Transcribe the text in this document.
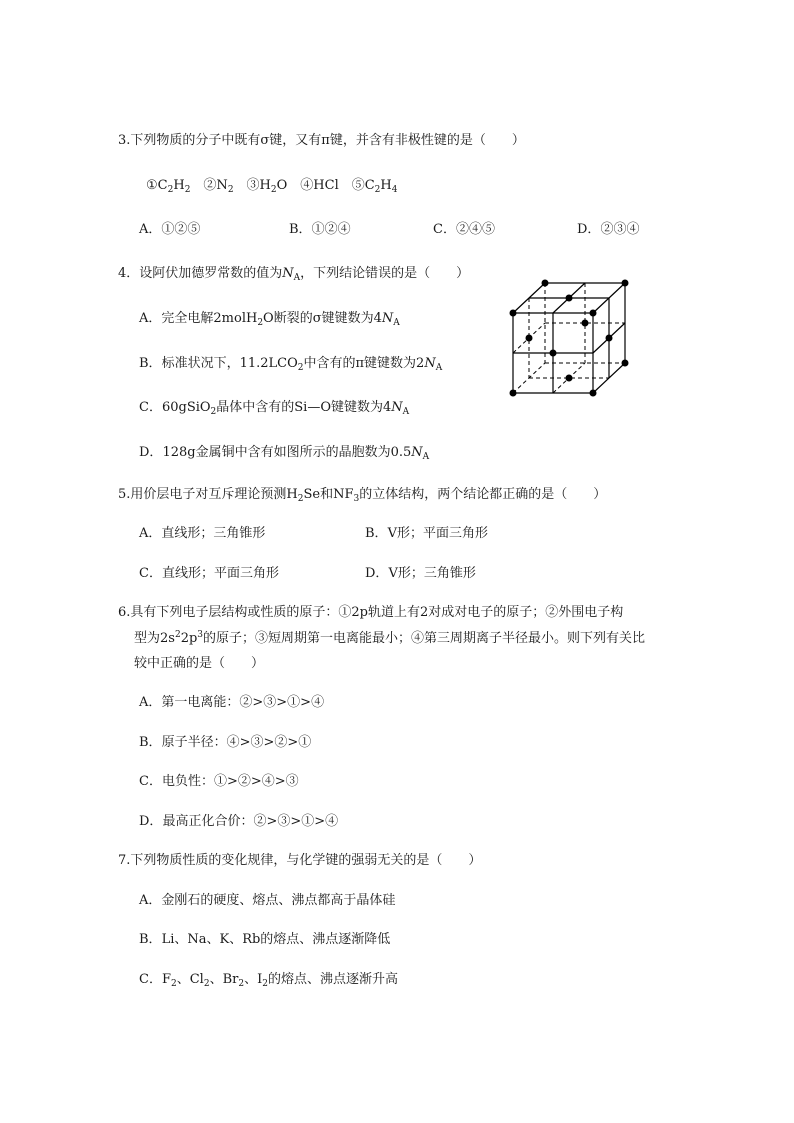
3.下列物质的分子中既有σ键，又有π键，并含有非极性键的是（　　）
$①C_2H_2$　$②N_2$　$③H_2O$　④HCl　$⑤C_2H_4$
A．①②⑤	B．①②④	C．②④⑤	D．②③④
4．设阿伏加德罗常数的值为$N_A$，下列结论错误的是（　　）
A．完全电解2molH$_2$O断裂的σ键键数为$4N_A$
B．标准状况下，$11.2LCO_2$中含有的π键键数为$2N_A$
C．60gSiO$_2$晶体中含有的Si—O键键数为$4N_A$
D．128g金属铜中含有如图所示的晶胞数为$0.5N_A$
5.用价层电子对互斥理论预测$H_2Se$和$NF_3$的立体结构，两个结论都正确的是（　　）
A．直线形；三角锥形	B．V形；平面三角形
C．直线形；平面三角形	D．V形；三角锥形
6.具有下列电子层结构或性质的原子：①2p轨道上有2对成对电子的原子；②外围电子构
型为$2s^22p^3$的原子；③短周期第一电离能最小；④第三周期离子半径最小。则下列有关比
较中正确的是（　　）
A．第一电离能：②>③>①>④
B．原子半径：④>③>②>①
C．电负性：①>②>④>③
D．最高正化合价：②>③>①>④
7.下列物质性质的变化规律，与化学键的强弱无关的是（　　）
A．金刚石的硬度、熔点、沸点都高于晶体硅
B．Li、Na、K、Rb的熔点、沸点逐渐降低
C．$F_2$、$Cl_2$、$Br_2$、$I_2$的熔点、沸点逐渐升高
